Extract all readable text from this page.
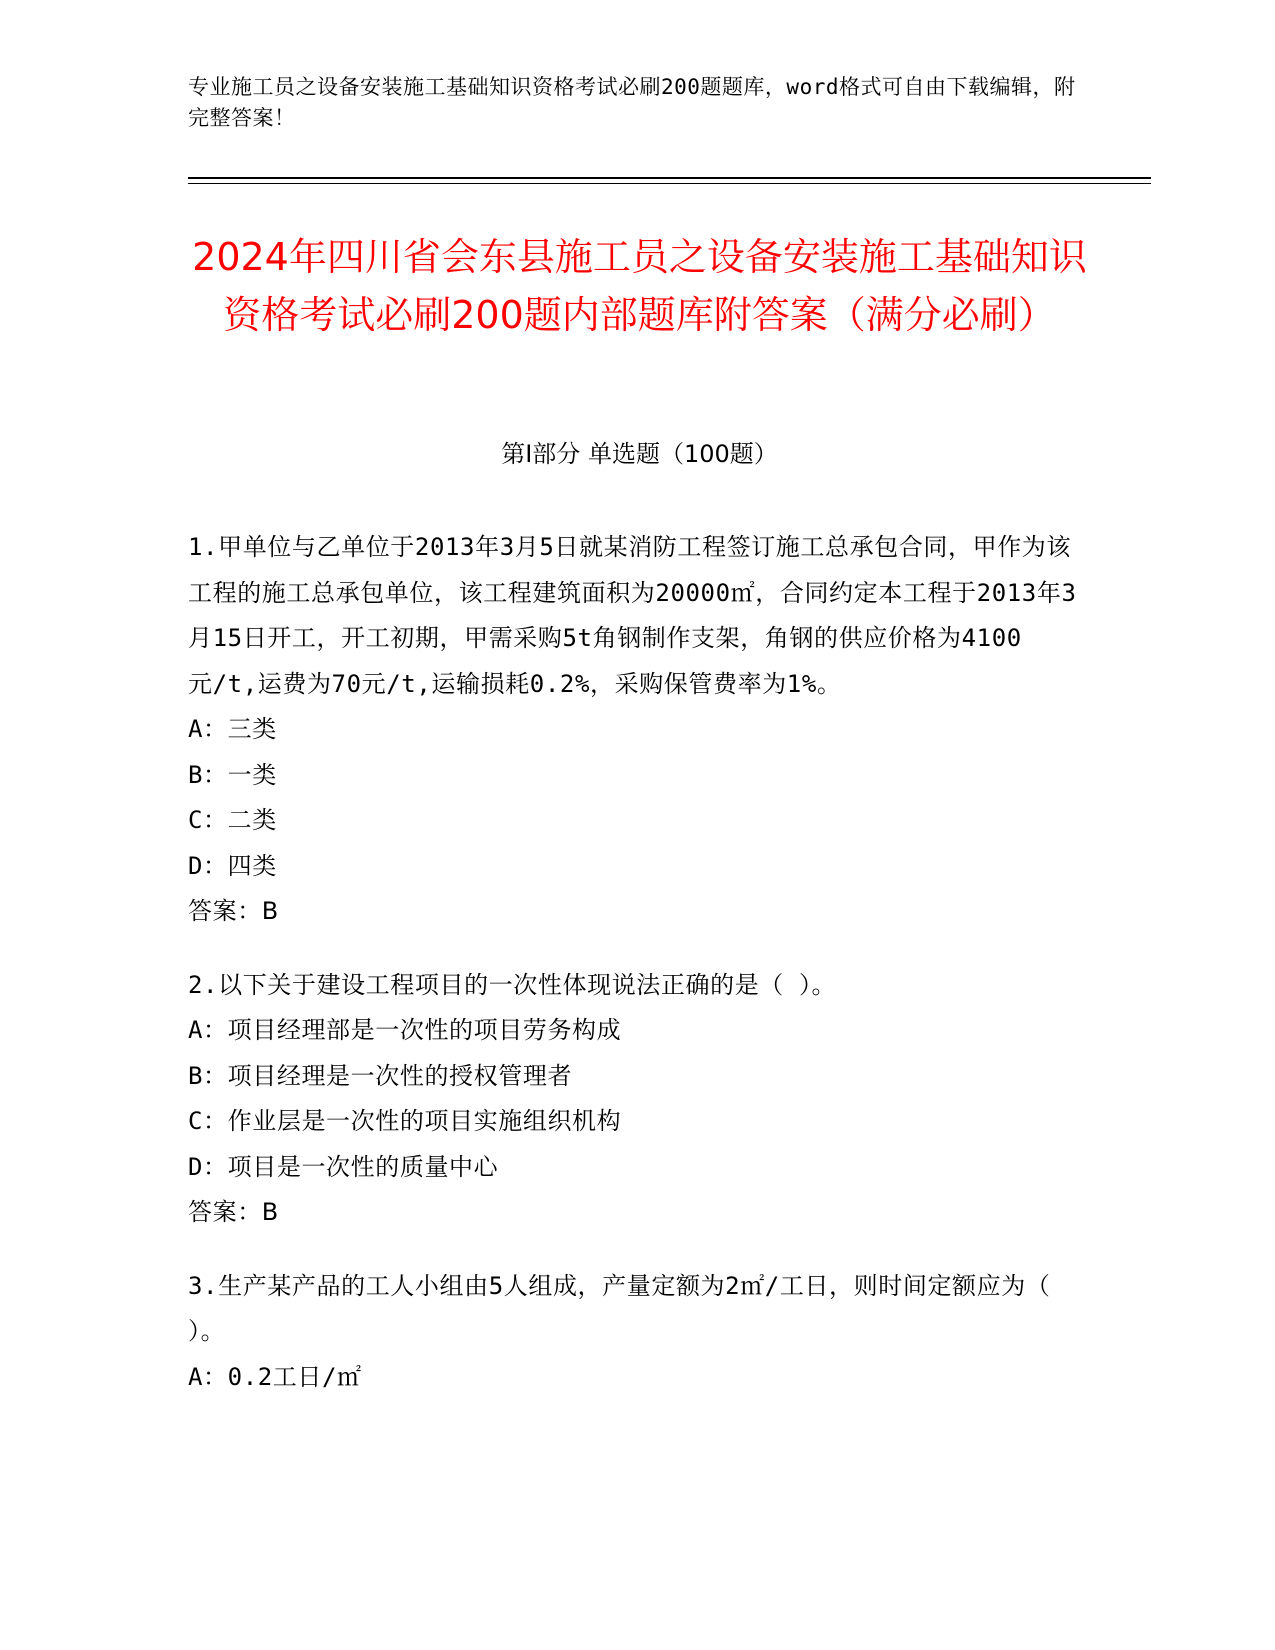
专业施工员之设备安装施工基础知识资格考试必刷200题题库，word格式可自由下载编辑，附完整答案！
2024年四川省会东县施工员之设备安装施工基础知识资格考试必刷200题内部题库附答案（满分必刷）
第Ⅰ部分 单选题（100题）

1.甲单位与乙单位于2013年3月5日就某消防工程签订施工总承包合同，甲作为该工程的施工总承包单位，该工程建筑面积为20000㎡，合同约定本工程于2013年3月15日开工，开工初期，甲需采购5t角钢制作支架，角钢的供应价格为4100元/t,运费为70元/t,运输损耗0.2%，采购保管费率为1%。

A：三类

B：一类

C：二类

D：四类

答案：B

2.以下关于建设工程项目的一次性体现说法正确的是（ ）。

A：项目经理部是一次性的项目劳务构成

B：项目经理是一次性的授权管理者

C：作业层是一次性的项目实施组织机构

D：项目是一次性的质量中心

答案：B

3.生产某产品的工人小组由5人组成，产量定额为2㎡/工日，则时间定额应为（ ）。

A：0.2工日/㎡
